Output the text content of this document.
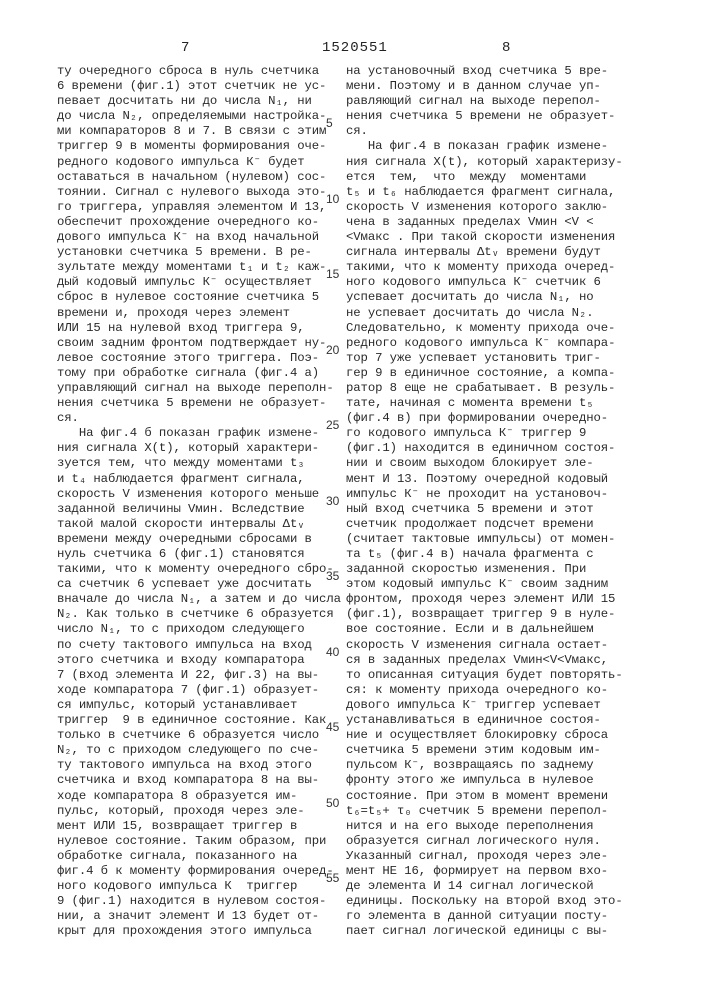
7	1520551	8
ту очередного сброса в нуль счетчика
6 времени (фиг.1) этот счетчик не ус-
певает досчитать ни до числа N₁, ни
до числа N₂, определяемыми настройка-
ми компараторов 8 и 7. В связи с этим
триггер 9 в моменты формирования оче-
редного кодового импульса К⁻ будет
оставаться в начальном (нулевом) сос-
тоянии. Сигнал с нулевого выхода это-
го триггера, управляя элементом И 13,
обеспечит прохождение очередного ко-
дового импульса К⁻ на вход начальной
установки счетчика 5 времени. В ре-
зультате между моментами t₁ и t₂ каж-
дый кодовый импульс К⁻ осуществляет
сброс в нулевое состояние счетчика 5
времени и, проходя через элемент
ИЛИ 15 на нулевой вход триггера 9,
своим задним фронтом подтверждает ну-
левое состояние этого триггера. Поэ-
тому при обработке сигнала (фиг.4 а)
управляющий сигнал на выходе переполн-
нения счетчика 5 времени не образует-
ся.
На фиг.4 б показан график измене-
ния сигнала X(t), который характери-
зуется тем, что между моментами t₃
и t₄ наблюдается фрагмент сигнала,
скорость V изменения которого меньше
заданной величины Vмин. Вследствие
такой малой скорости интервалы Δtᵥ
времени между очередными сбросами в
нуль счетчика 6 (фиг.1) становятся
такими, что к моменту очередного сбро-
са счетчик 6 успевает уже досчитать
вначале до числа N₁, а затем и до числа
N₂. Как только в счетчике 6 образуется
число N₁, то с приходом следующего
по счету тактового импульса на вход
этого счетчика и входу компаратора
7 (вход элемента И 22, фиг.3) на вы-
ходе компаратора 7 (фиг.1) образует-
ся импульс, который устанавливает
триггер  9 в единичное состояние. Как
только в счетчике 6 образуется число
N₂, то с приходом следующего по сче-
ту тактового импульса на вход этого
счетчика и вход компаратора 8 на вы-
ходе компаратора 8 образуется им-
пульс, который, проходя через эле-
мент ИЛИ 15, возвращает триггер в
нулевое состояние. Таким образом, при
обработке сигнала, показанного на
фиг.4 б к моменту формирования очеред-
ного кодового импульса К  триггер
9 (фиг.1) находится в нулевом состоя-
нии, а значит элемент И 13 будет от-
крыт для прохождения этого импульса
на установочный вход счетчика 5 вре-
мени. Поэтому и в данном случае уп-
равляющий сигнал на выходе перепол-
нения счетчика 5 времени не образует-
ся.
На фиг.4 в показан график измене-
ния сигнала X(t), который характеризу-
ется  тем,  что  между  моментами
t₅ и t₆ наблюдается фрагмент сигнала,
скорость V изменения которого заклю-
чена в заданных пределах Vмин <V <
<Vмакс . При такой скорости изменения
сигнала интервалы Δtᵥ времени будут
такими, что к моменту прихода очеред-
ного кодового импульса К⁻ счетчик 6
успевает досчитать до числа N₁, но
не успевает досчитать до числа N₂.
Следовательно, к моменту прихода оче-
редного кодового импульса К⁻ компара-
тор 7 уже успевает установить триг-
гер 9 в единичное состояние, а компа-
ратор 8 еще не срабатывает. В резуль-
тате, начиная с момента времени t₅
(фиг.4 в) при формировании очередно-
го кодового импульса К⁻ триггер 9
(фиг.1) находится в единичном состоя-
нии и своим выходом блокирует эле-
мент И 13. Поэтому очередной кодовый
импульс К⁻ не проходит на установоч-
ный вход счетчика 5 времени и этот
счетчик продолжает подсчет времени
(считает тактовые импульсы) от момен-
та t₅ (фиг.4 в) начала фрагмента с
заданной скоростью изменения. При
этом кодовый импульс К⁻ своим задним
фронтом, проходя через элемент ИЛИ 15
(фиг.1), возвращает триггер 9 в нуле-
вое состояние. Если и в дальнейшем
скорость V изменения сигнала остает-
ся в заданных пределах Vмин<V<Vмакс,
то описанная ситуация будет повторять-
ся: к моменту прихода очередного ко-
дового импульса К⁻ триггер успевает
устанавливаться в единичное состоя-
ние и осуществляет блокировку сброса
счетчика 5 времени этим кодовым им-
пульсом К⁻, возвращаясь по заднему
фронту этого же импульса в нулевое
состояние. При этом в момент времени
t₆=t₅+ τ₀ счетчик 5 времени перепол-
нится и на его выходе переполнения
образуется сигнал логического нуля.
Указанный сигнал, проходя через эле-
мент НЕ 16, формирует на первом вхо-
де элемента И 14 сигнал логической
единицы. Поскольку на второй вход это-
го элемента в данной ситуации посту-
пает сигнал логической единицы с вы-
5
10
15
20
25
30
35
40
45
50
55
